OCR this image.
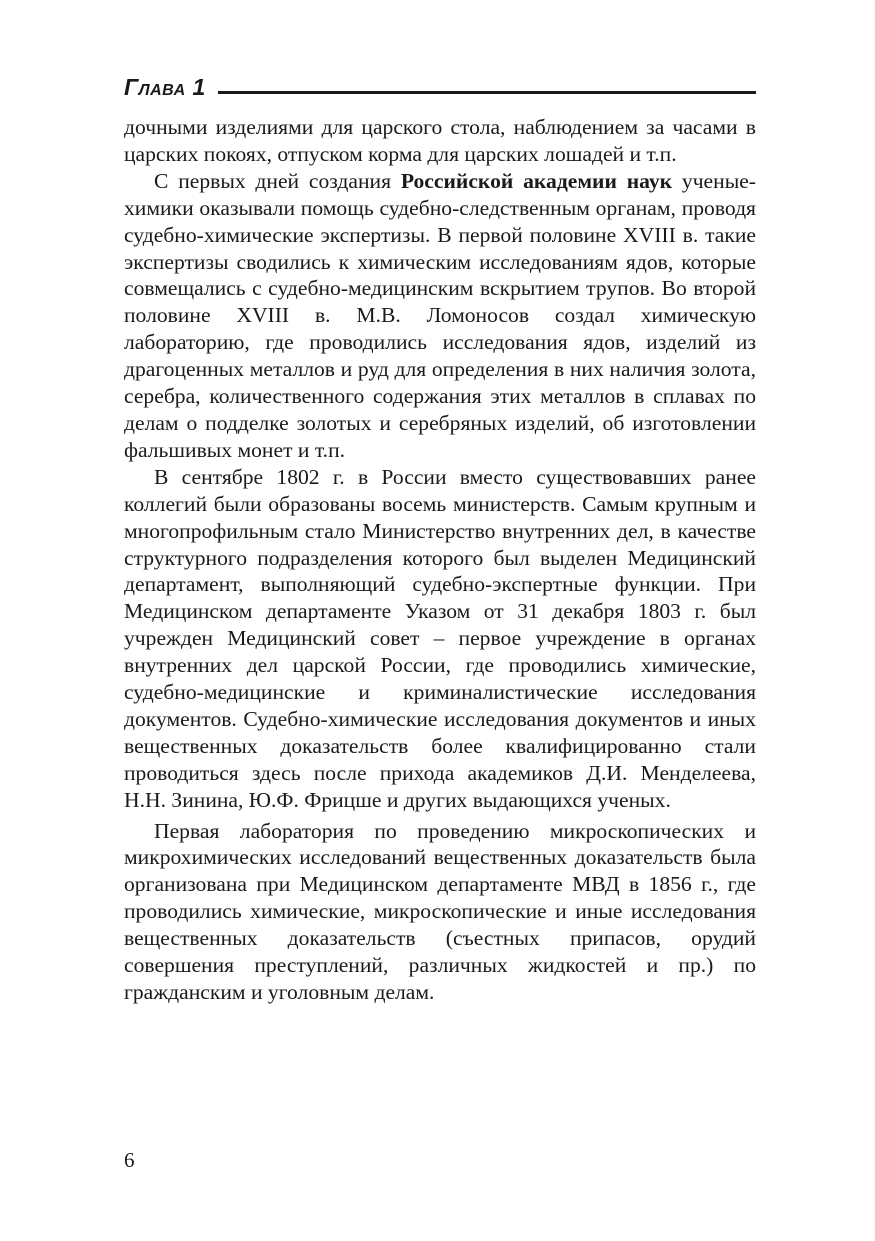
Глава 1

дочными изделиями для царского стола, наблюдением за часами в царских покоях, отпуском корма для царских лошадей и т.п.

С первых дней создания Российской академии наук ученые-химики оказывали помощь судебно-следственным органам, проводя судебно-химические экспертизы. В первой половине XVIII в. такие экспертизы сводились к химическим исследованиям ядов, которые совмещались с судебно-медицинским вскрытием трупов. Во второй половине XVIII в. М.В. Ломоносов создал химическую лабораторию, где проводились исследования ядов, изделий из драгоценных металлов и руд для определения в них наличия золота, серебра, количественного содержания этих металлов в сплавах по делам о подделке золотых и серебряных изделий, об изготовлении фальшивых монет и т.п.

В сентябре 1802 г. в России вместо существовавших ранее коллегий были образованы восемь министерств. Самым крупным и многопрофильным стало Министерство внутренних дел, в качестве структурного подразделения которого был выделен Медицинский департамент, выполняющий судебно-экспертные функции. При Медицинском департаменте Указом от 31 декабря 1803 г. был учрежден Медицинский совет – первое учреждение в органах внутренних дел царской России, где проводились химические, судебно-медицинские и криминалистические исследования документов. Судебно-химические исследования документов и иных вещественных доказательств более квалифицированно стали проводиться здесь после прихода академиков Д.И. Менделеева, Н.Н. Зинина, Ю.Ф. Фрицше и других выдающихся ученых.

Первая лаборатория по проведению микроскопических и микрохимических исследований вещественных доказательств была организована при Медицинском департаменте МВД в 1856 г., где проводились химические, микроскопические и иные исследования вещественных доказательств (съестных припасов, орудий совершения преступлений, различных жидкостей и пр.) по гражданским и уголовным делам.

6
